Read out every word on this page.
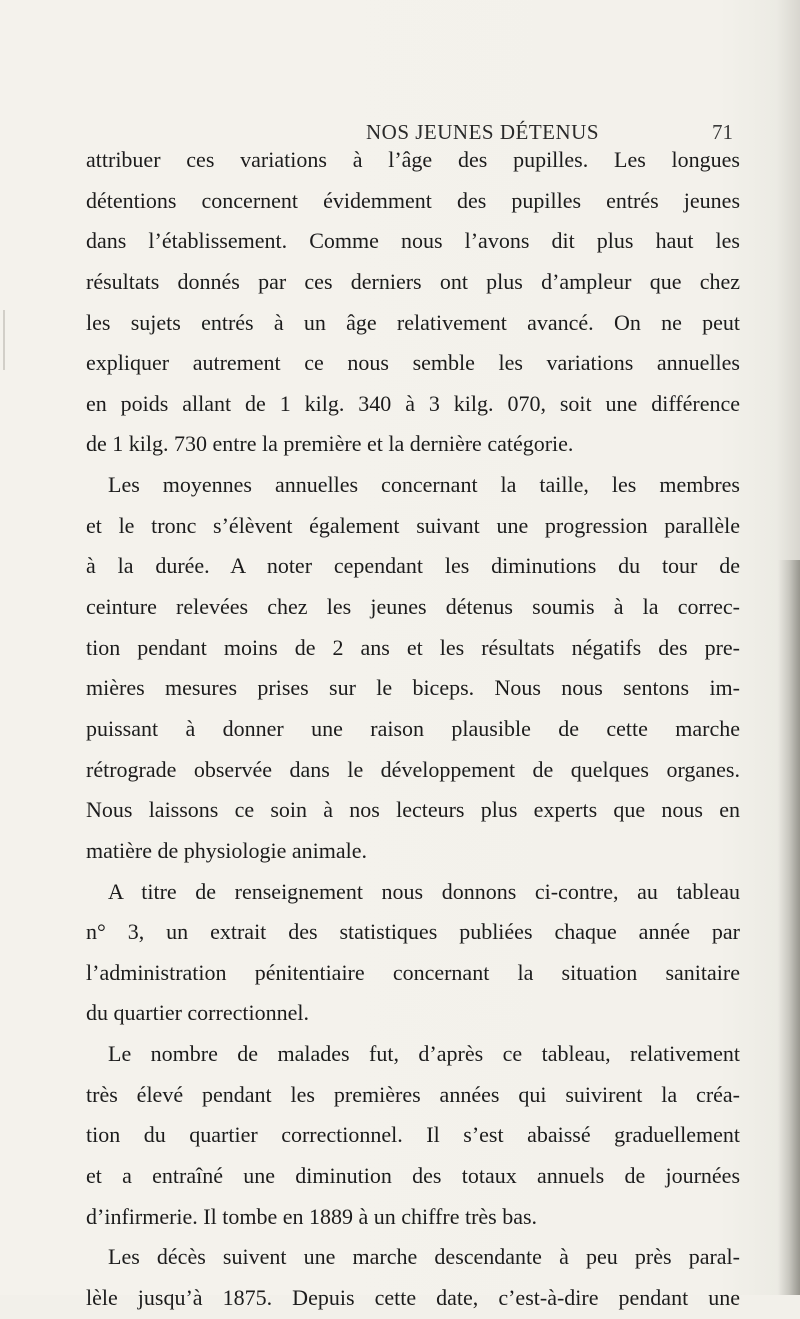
NOS JEUNES DÉTENUS	71
attribuer ces variations à l’âge des pupilles. Les longues
détentions concernent évidemment des pupilles entrés jeunes
dans l’établissement. Comme nous l’avons dit plus haut les
résultats donnés par ces derniers ont plus d’ampleur que chez
les sujets entrés à un âge relativement avancé. On ne peut
expliquer autrement ce nous semble les variations annuelles
en poids allant de 1 kilg. 340 à 3 kilg. 070, soit une différence
de 1 kilg. 730 entre la première et la dernière catégorie.
Les moyennes annuelles concernant la taille, les membres
et le tronc s’élèvent également suivant une progression parallèle
à la durée. A noter cependant les diminutions du tour de
ceinture relevées chez les jeunes détenus soumis à la correc-
tion pendant moins de 2 ans et les résultats négatifs des pre-
mières mesures prises sur le biceps. Nous nous sentons im-
puissant à donner une raison plausible de cette marche
rétrograde observée dans le développement de quelques organes.
Nous laissons ce soin à nos lecteurs plus experts que nous en
matière de physiologie animale.
A titre de renseignement nous donnons ci-contre, au tableau
n° 3, un extrait des statistiques publiées chaque année par
l’administration pénitentiaire concernant la situation sanitaire
du quartier correctionnel.
Le nombre de malades fut, d’après ce tableau, relativement
très élevé pendant les premières années qui suivirent la créa-
tion du quartier correctionnel. Il s’est abaissé graduellement
et a entraîné une diminution des totaux annuels de journées
d’infirmerie. Il tombe en 1889 à un chiffre très bas.
Les décès suivent une marche descendante à peu près paral-
lèle jusqu’à 1875. Depuis cette date, c’est-à-dire pendant une
